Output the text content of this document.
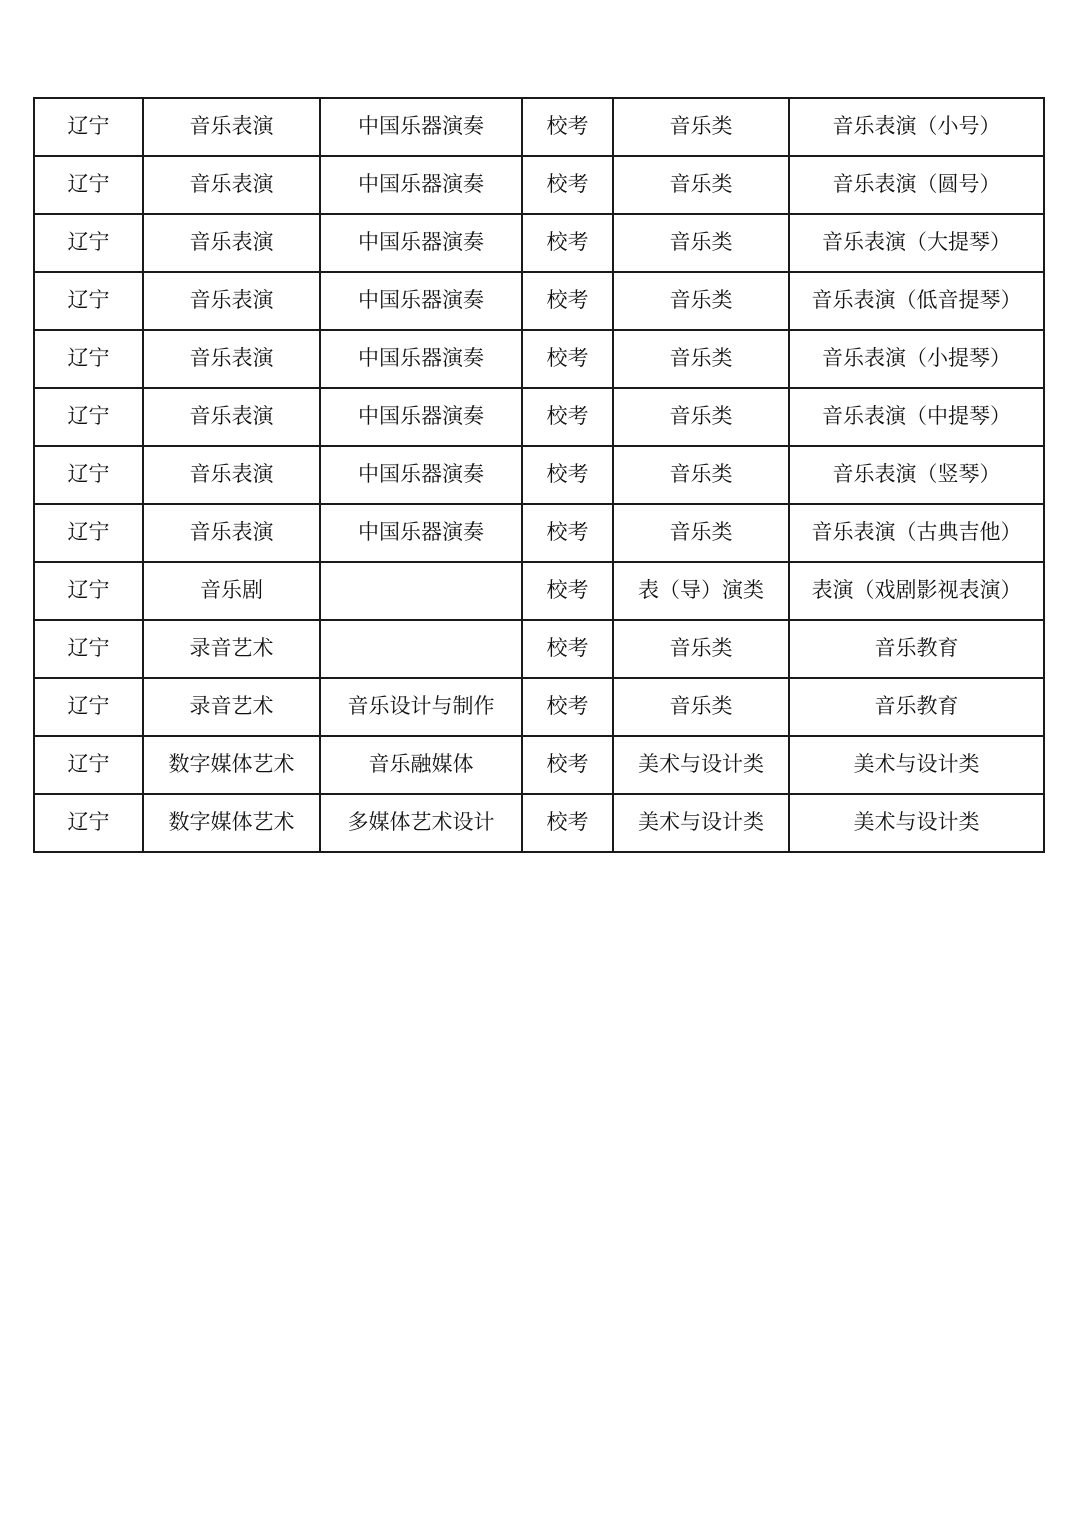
辽宁	音乐表演	中国乐器演奏	校考	音乐类	音乐表演（小号）
辽宁	音乐表演	中国乐器演奏	校考	音乐类	音乐表演（圆号）
辽宁	音乐表演	中国乐器演奏	校考	音乐类	音乐表演（大提琴）
辽宁	音乐表演	中国乐器演奏	校考	音乐类	音乐表演（低音提琴）
辽宁	音乐表演	中国乐器演奏	校考	音乐类	音乐表演（小提琴）
辽宁	音乐表演	中国乐器演奏	校考	音乐类	音乐表演（中提琴）
辽宁	音乐表演	中国乐器演奏	校考	音乐类	音乐表演（竖琴）
辽宁	音乐表演	中国乐器演奏	校考	音乐类	音乐表演（古典吉他）
辽宁	音乐剧		校考	表（导）演类	表演（戏剧影视表演）
辽宁	录音艺术		校考	音乐类	音乐教育
辽宁	录音艺术	音乐设计与制作	校考	音乐类	音乐教育
辽宁	数字媒体艺术	音乐融媒体	校考	美术与设计类	美术与设计类
辽宁	数字媒体艺术	多媒体艺术设计	校考	美术与设计类	美术与设计类
